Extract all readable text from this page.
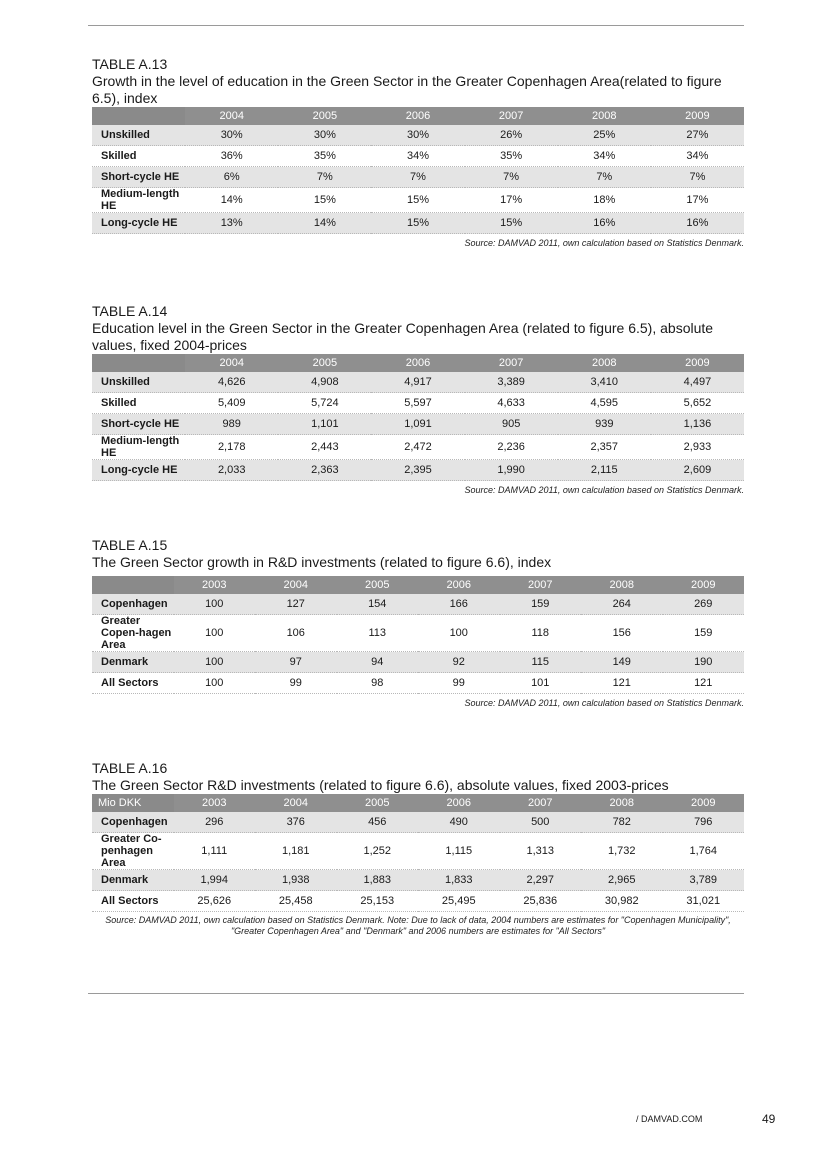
TABLE A.13
Growth in the level of education in the Green Sector in the Greater Copenhagen Area(related to figure 6.5), index
	2004	2005	2006	2007	2008	2009
Unskilled	30%	30%	30%	26%	25%	27%
Skilled	36%	35%	34%	35%	34%	34%
Short-cycle HE	6%	7%	7%	7%	7%	7%
Medium-length HE	14%	15%	15%	17%	18%	17%
Long-cycle HE	13%	14%	15%	15%	16%	16%
Source: DAMVAD 2011, own calculation based on Statistics Denmark.
TABLE A.14
Education level in the Green Sector in the Greater Copenhagen Area (related to figure 6.5), absolute values, fixed 2004-prices
	2004	2005	2006	2007	2008	2009
Unskilled	4,626	4,908	4,917	3,389	3,410	4,497
Skilled	5,409	5,724	5,597	4,633	4,595	5,652
Short-cycle HE	989	1,101	1,091	905	939	1,136
Medium-length HE	2,178	2,443	2,472	2,236	2,357	2,933
Long-cycle HE	2,033	2,363	2,395	1,990	2,115	2,609
Source: DAMVAD 2011, own calculation based on Statistics Denmark.
TABLE A.15
The Green Sector growth in R&D investments (related to figure 6.6), index
	2003	2004	2005	2006	2007	2008	2009
Copenhagen	100	127	154	166	159	264	269
Greater Copen-hagen Area	100	106	113	100	118	156	159
Denmark	100	97	94	92	115	149	190
All Sectors	100	99	98	99	101	121	121
Source: DAMVAD 2011, own calculation based on Statistics Denmark.
TABLE A.16
The Green Sector R&D investments (related to figure 6.6), absolute values, fixed 2003-prices
Mio DKK	2003	2004	2005	2006	2007	2008	2009
Copenhagen	296	376	456	490	500	782	796
Greater Co-penhagen Area	1,111	1,181	1,252	1,115	1,313	1,732	1,764
Denmark	1,994	1,938	1,883	1,833	2,297	2,965	3,789
All Sectors	25,626	25,458	25,153	25,495	25,836	30,982	31,021
Source: DAMVAD 2011, own calculation based on Statistics Denmark. Note: Due to lack of data, 2004 numbers are estimates for "Copenhagen Municipality", "Greater Copenhagen Area" and "Denmark" and 2006 numbers are estimates for "All Sectors"
/ DAMVAD.COM	49
